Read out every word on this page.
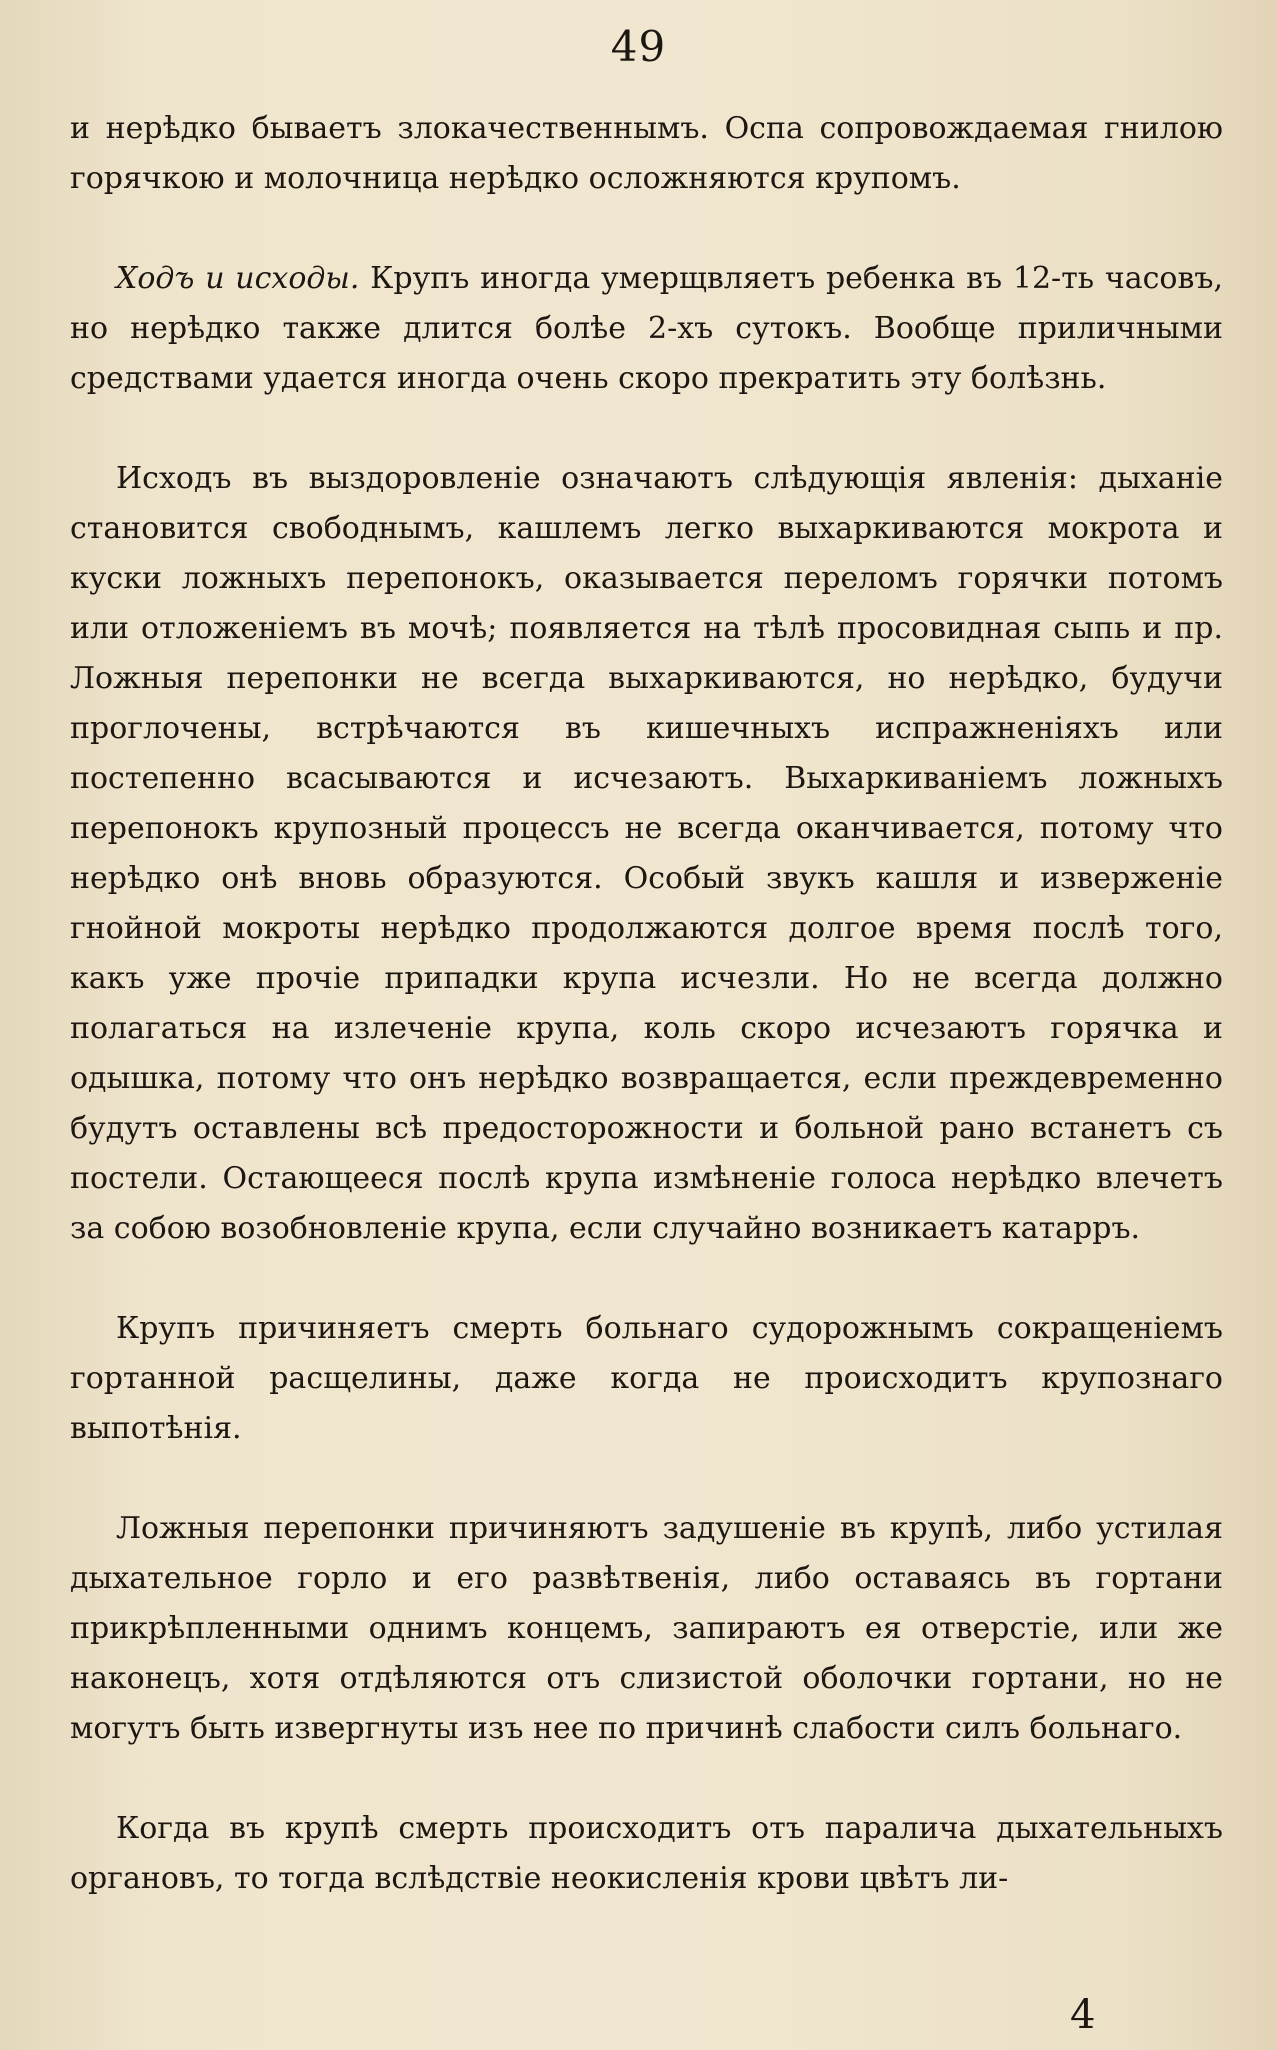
49

и нерѣдко бываетъ злокачественнымъ. Оспа сопровождаемая гнилою горячкою и молочница нерѣдко осложняются крупомъ.

Ходъ и исходы. Крупъ иногда умерщвляетъ ребенка въ 12-ть часовъ, но нерѣдко также длится болѣе 2-хъ сутокъ. Вообще приличными средствами удается иногда очень скоро прекратить эту болѣзнь.

Исходъ въ выздоровленіе означаютъ слѣдующія явленія: дыханіе становится свободнымъ, кашлемъ легко выхаркиваются мокрота и куски ложныхъ перепонокъ, оказывается переломъ горячки потомъ или отложеніемъ въ мочѣ; появляется на тѣлѣ просовидная сыпь и пр. Ложныя перепонки не всегда выхаркиваются, но нерѣдко, будучи проглочены, встрѣчаются въ кишечныхъ испражненіяхъ или постепенно всасываются и исчезаютъ. Выхаркиваніемъ ложныхъ перепонокъ крупозный процессъ не всегда оканчивается, потому что нерѣдко онѣ вновь образуются. Особый звукъ кашля и изверженіе гнойной мокроты нерѣдко продолжаются долгое время послѣ того, какъ уже прочіе припадки крупа исчезли. Но не всегда должно полагаться на излеченіе крупа, коль скоро исчезаютъ горячка и одышка, потому что онъ нерѣдко возвращается, если преждевременно будутъ оставлены всѣ предосторожности и больной рано встанетъ съ постели. Остающееся послѣ крупа измѣненіе голоса нерѣдко влечетъ за собою возобновленіе крупа, если случайно возникаетъ катарръ.

Крупъ причиняетъ смерть больнаго судорожнымъ сокращеніемъ гортанной расщелины, даже когда не происходитъ крупознаго выпотѣнія.

Ложныя перепонки причиняютъ задушеніе въ крупѣ, либо устилая дыхательное горло и его развѣтвенія, либо оставаясь въ гортани прикрѣпленными однимъ концемъ, запираютъ ея отверстіе, или же наконецъ, хотя отдѣляются отъ слизистой оболочки гортани, но не могутъ быть извергнуты изъ нее по причинѣ слабости силъ больнаго.

Когда въ крупѣ смерть происходитъ отъ паралича дыхательныхъ органовъ, то тогда вслѣдствіе неокисленія крови цвѣтъ ли-

4
